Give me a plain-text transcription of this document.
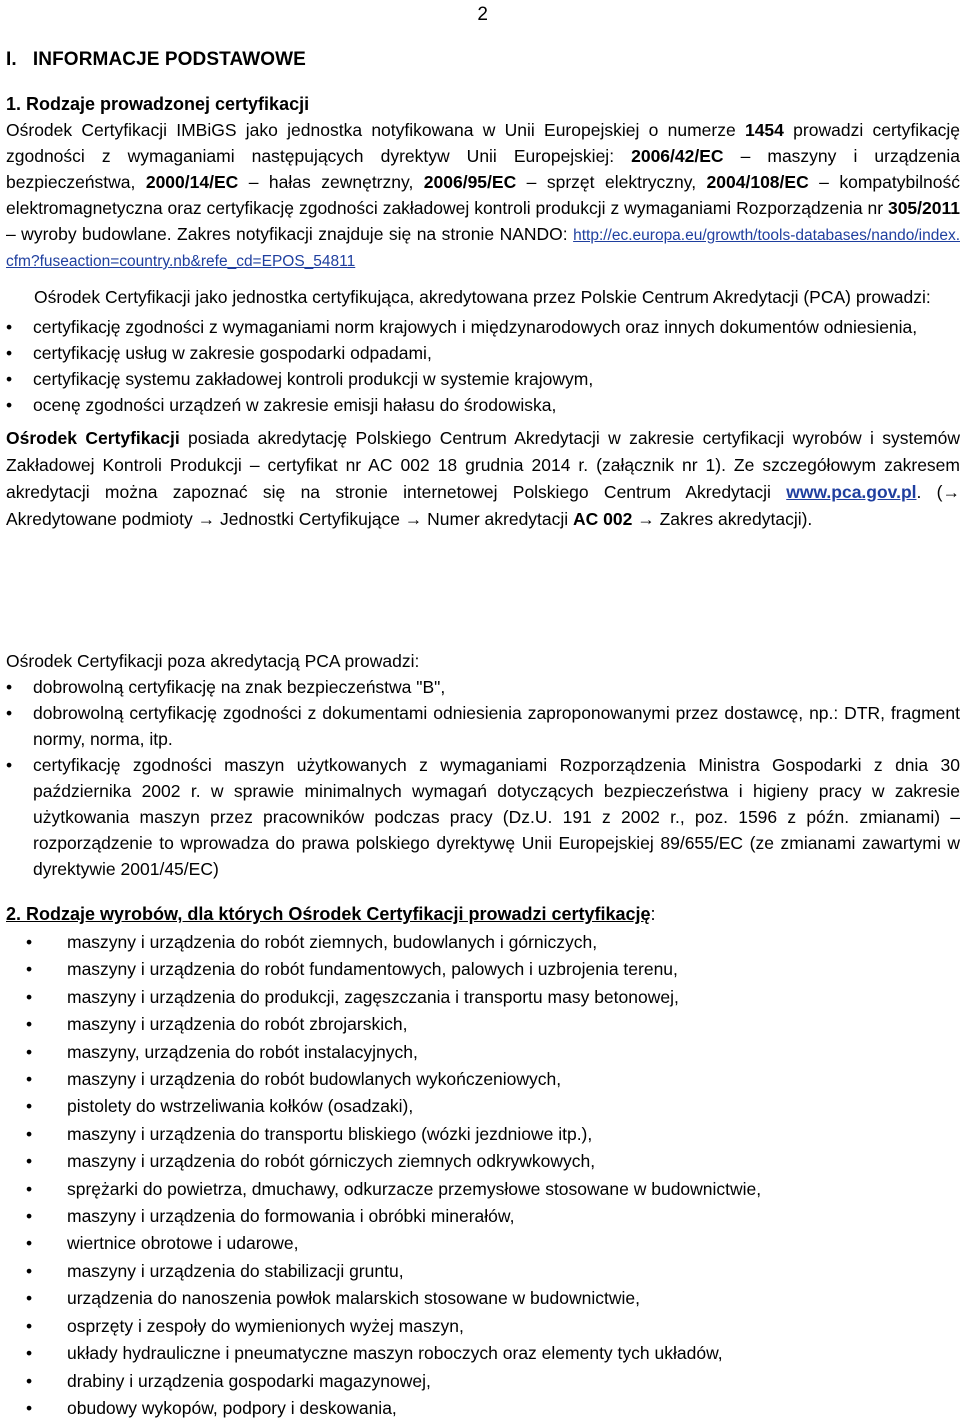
2
I. INFORMACJE PODSTAWOWE
1. Rodzaje prowadzonej certyfikacji
Ośrodek Certyfikacji IMBiGS jako jednostka notyfikowana w Unii Europejskiej o numerze 1454 prowadzi certyfikację zgodności z wymaganiami następujących dyrektyw Unii Europejskiej: 2006/42/EC – maszyny i urządzenia bezpieczeństwa, 2000/14/EC – hałas zewnętrzny, 2006/95/EC – sprzęt elektryczny, 2004/108/EC – kompatybilność elektromagnetyczna oraz certyfikację zgodności zakładowej kontroli produkcji z wymaganiami Rozporządzenia nr 305/2011 – wyroby budowlane. Zakres notyfikacji znajduje się na stronie NANDO: http://ec.europa.eu/growth/tools-databases/nando/index.cfm?fuseaction=country.nb&refe_cd=EPOS_54811
Ośrodek Certyfikacji jako jednostka certyfikująca, akredytowana przez Polskie Centrum Akredytacji (PCA) prowadzi:
• certyfikację zgodności z wymaganiami norm krajowych i międzynarodowych oraz innych dokumentów odniesienia,
• certyfikację usług w zakresie gospodarki odpadami,
• certyfikację systemu zakładowej kontroli produkcji w systemie krajowym,
• ocenę zgodności urządzeń w zakresie emisji hałasu do środowiska,
Ośrodek Certyfikacji posiada akredytację Polskiego Centrum Akredytacji w zakresie certyfikacji wyrobów i systemów Zakładowej Kontroli Produkcji – certyfikat nr AC 002 18 grudnia 2014 r. (załącznik nr 1). Ze szczegółowym zakresem akredytacji można zapoznać się na stronie internetowej Polskiego Centrum Akredytacji www.pca.gov.pl. (→ Akredytowane podmioty → Jednostki Certyfikujące → Numer akredytacji AC 002 → Zakres akredytacji).
Ośrodek Certyfikacji poza akredytacją PCA prowadzi:
• dobrowolną certyfikację na znak bezpieczeństwa "B",
• dobrowolną certyfikację zgodności z dokumentami odniesienia zaproponowanymi przez dostawcę, np.: DTR, fragment normy, norma, itp.
• certyfikację zgodności maszyn użytkowanych z wymaganiami Rozporządzenia Ministra Gospodarki z dnia 30 października 2002 r. w sprawie minimalnych wymagań dotyczących bezpieczeństwa i higieny pracy w zakresie użytkowania maszyn przez pracowników podczas pracy (Dz.U. 191 z 2002 r., poz. 1596 z późn. zmianami) – rozporządzenie to wprowadza do prawa polskiego dyrektywę Unii Europejskiej 89/655/EC (ze zmianami zawartymi w dyrektywie 2001/45/EC)
2. Rodzaje wyrobów, dla których Ośrodek Certyfikacji prowadzi certyfikację:
• maszyny i urządzenia do robót ziemnych, budowlanych i górniczych,
• maszyny i urządzenia do robót fundamentowych, palowych i uzbrojenia terenu,
• maszyny i urządzenia do produkcji, zagęszczania i transportu masy betonowej,
• maszyny i urządzenia do robót zbrojarskich,
• maszyny, urządzenia do robót instalacyjnych,
• maszyny i urządzenia do robót budowlanych wykończeniowych,
• pistolety do wstrzeliwania kołków (osadzaki),
• maszyny i urządzenia do transportu bliskiego (wózki jezdniowe itp.),
• maszyny i urządzenia do robót górniczych ziemnych odkrywkowych,
• sprężarki do powietrza, dmuchawy, odkurzacze przemysłowe stosowane w budownictwie,
• maszyny i urządzenia do formowania i obróbki minerałów,
• wiertnice obrotowe i udarowe,
• maszyny i urządzenia do stabilizacji gruntu,
• urządzenia do nanoszenia powłok malarskich stosowane w budownictwie,
• osprzęty i zespoły do wymienionych wyżej maszyn,
• układy hydrauliczne i pneumatyczne maszyn roboczych oraz elementy tych układów,
• drabiny i urządzenia gospodarki magazynowej,
• obudowy wykopów, podpory i deskowania,
